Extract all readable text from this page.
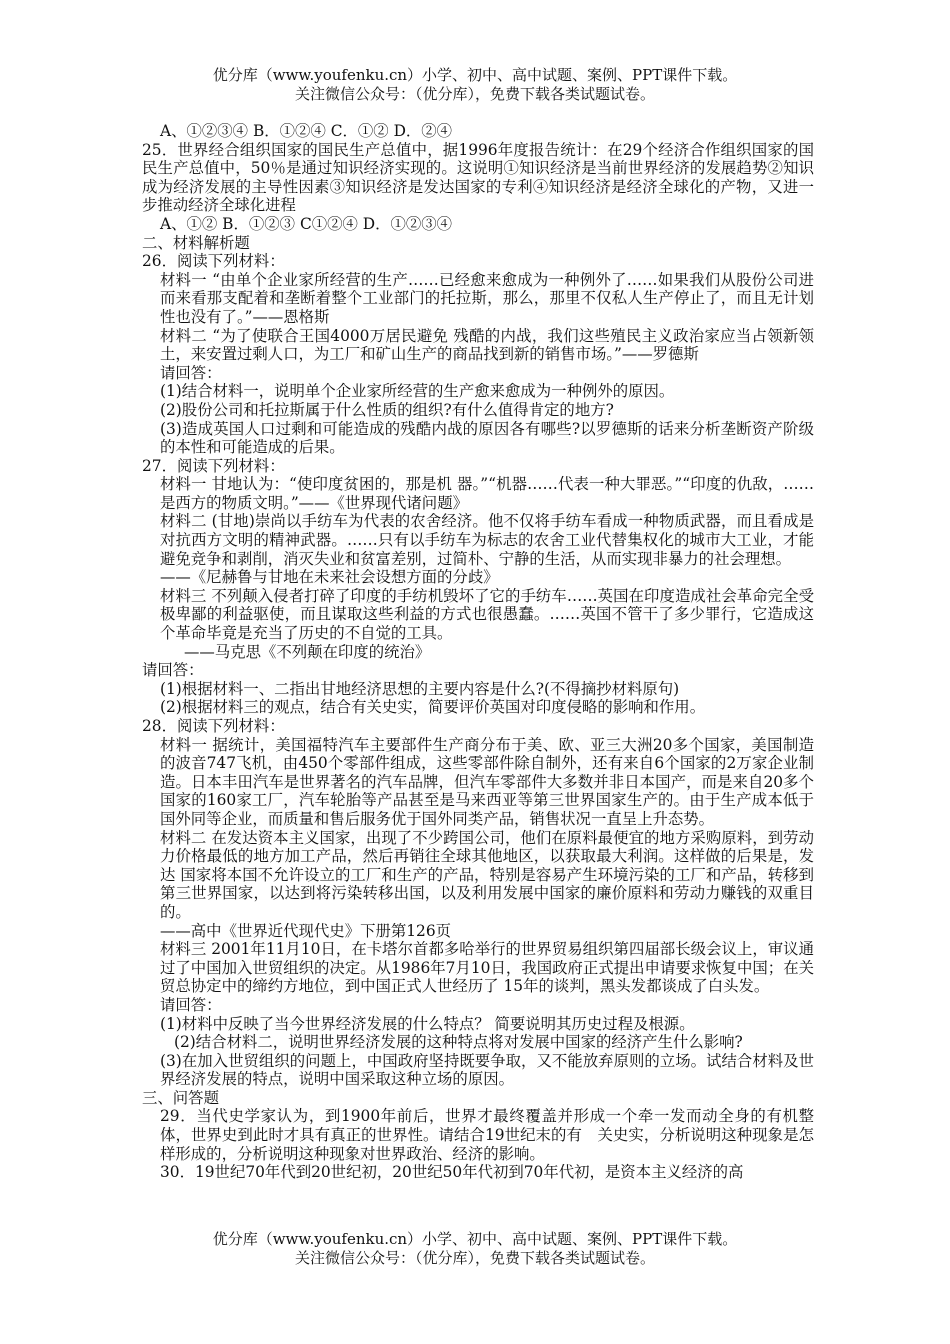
优分库（www.youfenku.cn）小学、初中、高中试题、案例、PPT课件下载。
关注微信公众号：（优分库），免费下载各类试题试卷。

A、①②③④ B．①②④ C．①② D．②④

25．世界经合组织国家的国民生产总值中，据1996年度报告统计：在29个经济合作组织国家的国民生产总值中，50％是通过知识经济实现的。这说明①知识经济是当前世界经济的发展趋势②知识成为经济发展的主导性因素③知识经济是发达国家的专利④知识经济是经济全球化的产物，又进一步推动经济全球化进程

A、①② B．①②③ C①②④ D．①②③④

二、材料解析题

26．阅读下列材料：

材料一 “由单个企业家所经营的生产……已经愈来愈成为一种例外了……如果我们从股份公司进而来看那支配着和垄断着整个工业部门的托拉斯，那么，那里不仅私人生产停止了，而且无计划性也没有了。”——恩格斯

材料二 “为了使联合王国4000万居民避免 残酷的内战，我们这些殖民主义政治家应当占领新领土，来安置过剩人口，为工厂和矿山生产的商品找到新的销售市场。”——罗德斯

请回答：

(1)结合材料一，说明单个企业家所经营的生产愈来愈成为一种例外的原因。

(2)股份公司和托拉斯属于什么性质的组织?有什么值得肯定的地方?

(3)造成英国人口过剩和可能造成的残酷内战的原因各有哪些?以罗德斯的话来分析垄断资产阶级的本性和可能造成的后果。

27．阅读下列材料：

材料一 甘地认为：“使印度贫困的，那是机 器。”“机器……代表一种大罪恶。”“印度的仇敌，……是西方的物质文明。”——《世界现代诸问题》

材料二 (甘地)崇尚以手纺车为代表的农舍经济。他不仅将手纺车看成一种物质武器，而且看成是对抗西方文明的精神武器。……只有以手纺车为标志的农舍工业代替集权化的城市大工业，才能避免竞争和剥削，消灭失业和贫富差别，过简朴、宁静的生活，从而实现非暴力的社会理想。

——《尼赫鲁与甘地在未来社会设想方面的分歧》

材料三 不列颠入侵者打碎了印度的手纺机毁坏了它的手纺车……英国在印度造成社会革命完全受极卑鄙的利益驱使，而且谋取这些利益的方式也很愚蠢。……英国不管干了多少罪行，它造成这个革命毕竟是充当了历史的不自觉的工具。

——马克思《不列颠在印度的统治》

请回答：

(1)根据材料一、二指出甘地经济思想的主要内容是什么?(不得摘抄材料原句)

(2)根据材料三的观点，结合有关史实，简要评价英国对印度侵略的影响和作用。

28．阅读下列材料：

材料一 据统计，美国福特汽车主要部件生产商分布于美、欧、亚三大洲20多个国家，美国制造的波音747飞机，由450个零部件组成，这些零部件除自制外，还有来自6个国家的2万家企业制造。日本丰田汽车是世界著名的汽车品牌，但汽车零部件大多数并非日本国产，而是来自20多个国家的160家工厂，汽车轮胎等产品甚至是马来西亚等第三世界国家生产的。由于生产成本低于国外同等企业，而质量和售后服务优于国外同类产品，销售状况一直呈上升态势。

材料二 在发达资本主义国家，出现了不少跨国公司，他们在原料最便宜的地方采购原料，到劳动力价格最低的地方加工产品，然后再销往全球其他地区，以获取最大利润。这样做的后果是，发达 国家将本国不允许设立的工厂和生产的产品，特别是容易产生环境污染的工厂和产品，转移到第三世界国家，以达到将污染转移出国，以及利用发展中国家的廉价原料和劳动力赚钱的双重目的。

——高中《世界近代现代史》下册第126页

材料三 2001年11月10日，在卡塔尔首都多哈举行的世界贸易组织第四届部长级会议上，审议通过了中国加入世贸组织的决定。从1986年7月10日，我国政府正式提出申请要求恢复中国；在关贸总协定中的缔约方地位，到中国正式人世经历了 15年的谈判，黑头发都谈成了白头发。

请回答：

(1)材料中反映了当今世界经济发展的什么特点？ 简要说明其历史过程及根源。

(2)结合材料二，说明世界经济发展的这种特点将对发展中国家的经济产生什么影响?

(3)在加入世贸组织的问题上，中国政府坚持既要争取，又不能放弃原则的立场。试结合材料及世界经济发展的特点，说明中国采取这种立场的原因。

三、问答题

29．当代史学家认为，到1900年前后，世界才最终覆盖并形成一个牵一发而动全身的有机整体，世界史到此时才具有真正的世界性。请结合19世纪末的有　关史实，分析说明这种现象是怎样形成的，分析说明这种现象对世界政治、经济的影响。

30．19世纪70年代到20世纪初，20世纪50年代初到70年代初，是资本主义经济的高

优分库（www.youfenku.cn）小学、初中、高中试题、案例、PPT课件下载。
关注微信公众号：（优分库），免费下载各类试题试卷。
